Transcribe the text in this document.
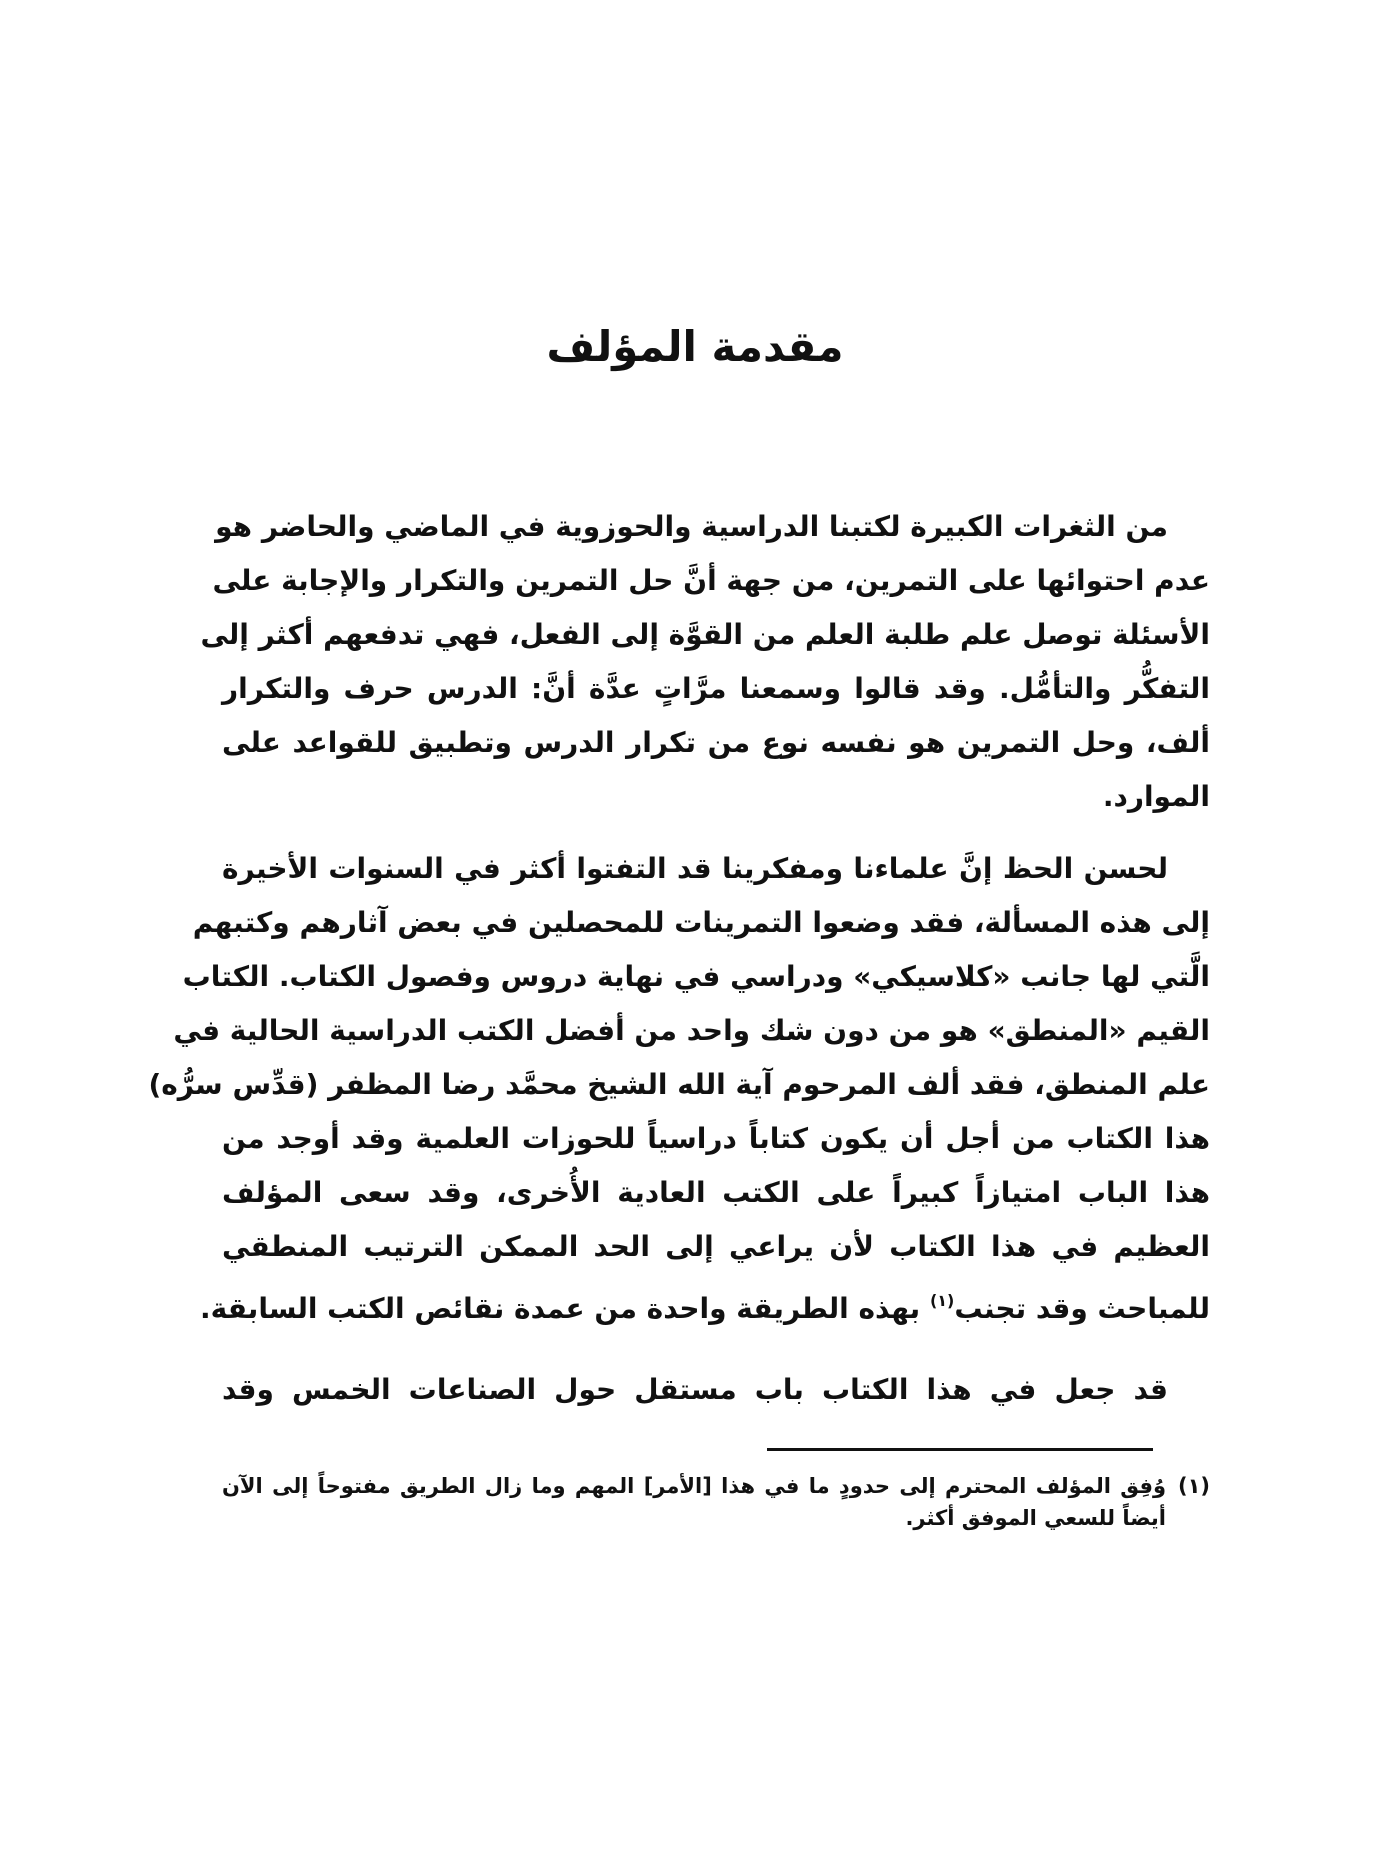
مقدمة المؤلف
من الثغرات الكبيرة لكتبنا الدراسية والحوزوية في الماضي والحاضر هو
عدم احتوائها على التمرين، من جهة أنَّ حل التمرين والتكرار والإجابة على
الأسئلة توصل علم طلبة العلم من القوَّة إلى الفعل، فهي تدفعهم أكثر إلى
التفكُّر والتأمُّل. وقد قالوا وسمعنا مرَّاتٍ عدَّة أنَّ: الدرس حرف والتكرار
ألف، وحل التمرين هو نفسه نوع من تكرار الدرس وتطبيق للقواعد على
الموارد.
لحسن الحظ إنَّ علماءنا ومفكرينا قد التفتوا أكثر في السنوات الأخيرة
إلى هذه المسألة، فقد وضعوا التمرينات للمحصلين في بعض آثارهم وكتبهم
الَّتي لها جانب «كلاسيكي» ودراسي في نهاية دروس وفصول الكتاب. الكتاب
القيم «المنطق» هو من دون شك واحد من أفضل الكتب الدراسية الحالية في
علم المنطق، فقد ألف المرحوم آية الله الشيخ محمَّد رضا المظفر (قدِّس سرُّه)
هذا الكتاب من أجل أن يكون كتاباً دراسياً للحوزات العلمية وقد أوجد من
هذا الباب امتيازاً كبيراً على الكتب العادية الأُخرى، وقد سعى المؤلف
العظيم في هذا الكتاب لأن يراعي إلى الحد الممكن الترتيب المنطقي
للمباحث وقد تجنب$^{(١)}$ بهذه الطريقة واحدة من عمدة نقائص الكتب السابقة.
قد جعل في هذا الكتاب باب مستقل حول الصناعات الخمس وقد
(١)
وُفِق المؤلف المحترم إلى حدودٍ ما في هذا [الأمر] المهم وما زال الطريق مفتوحاً إلى الآن
أيضاً للسعي الموفق أكثر.
